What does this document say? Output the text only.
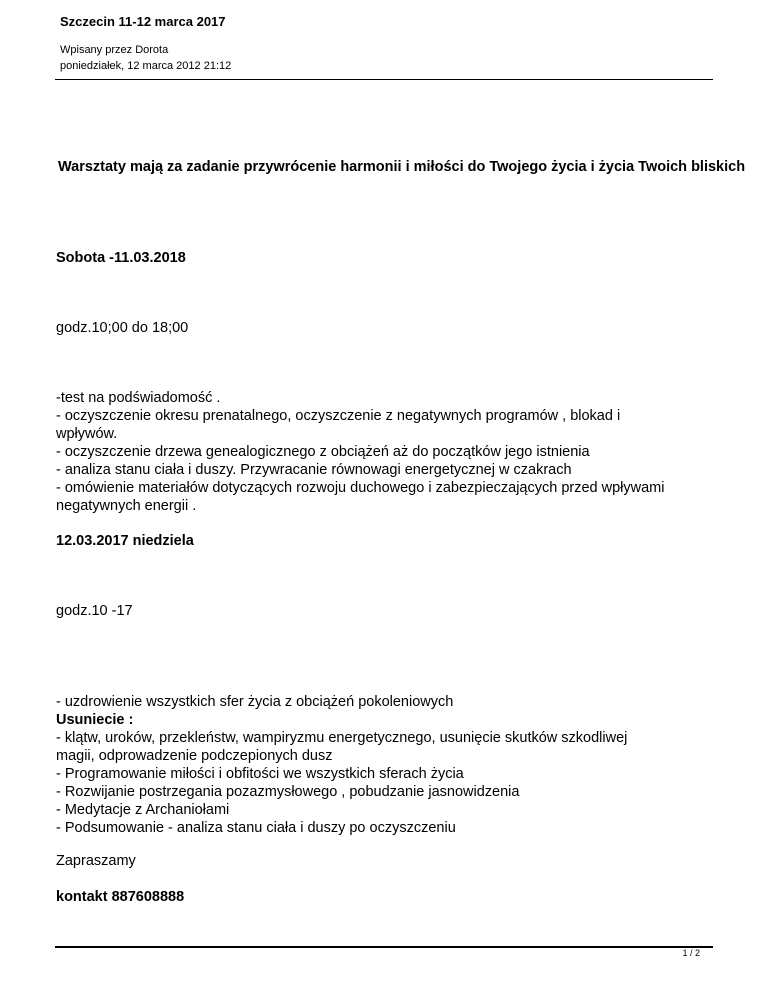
Szczecin 11-12 marca 2017
Wpisany przez Dorota
poniedziałek, 12 marca 2012 21:12
Warsztaty mają za zadanie przywrócenie harmonii i miłości do Twojego życia i życia Twoich bliskich
Sobota -11.03.2018
godz.10;00 do 18;00
-test na podświadomość .
- oczyszczenie okresu prenatalnego, oczyszczenie z negatywnych programów , blokad i
wpływów.
- oczyszczenie drzewa genealogicznego z obciążeń aż do początków jego istnienia
- analiza stanu ciała i duszy. Przywracanie równowagi energetycznej w czakrach
- omówienie materiałów dotyczących rozwoju duchowego i zabezpieczających przed wpływami
negatywnych energii .
12.03.2017 niedziela
godz.10 -17
- uzdrowienie wszystkich sfer życia z obciążeń pokoleniowych
Usuniecie :
- klątw, uroków, przekleństw, wampiryzmu energetycznego, usunięcie skutków szkodliwej
magii, odprowadzenie podczepionych dusz
- Programowanie miłości i obfitości we wszystkich sferach życia
- Rozwijanie postrzegania pozazmysłowego , pobudzanie jasnowidzenia
- Medytacje z Archaniołami
- Podsumowanie - analiza stanu ciała i duszy po oczyszczeniu
Zapraszamy
kontakt 887608888
1 / 2
